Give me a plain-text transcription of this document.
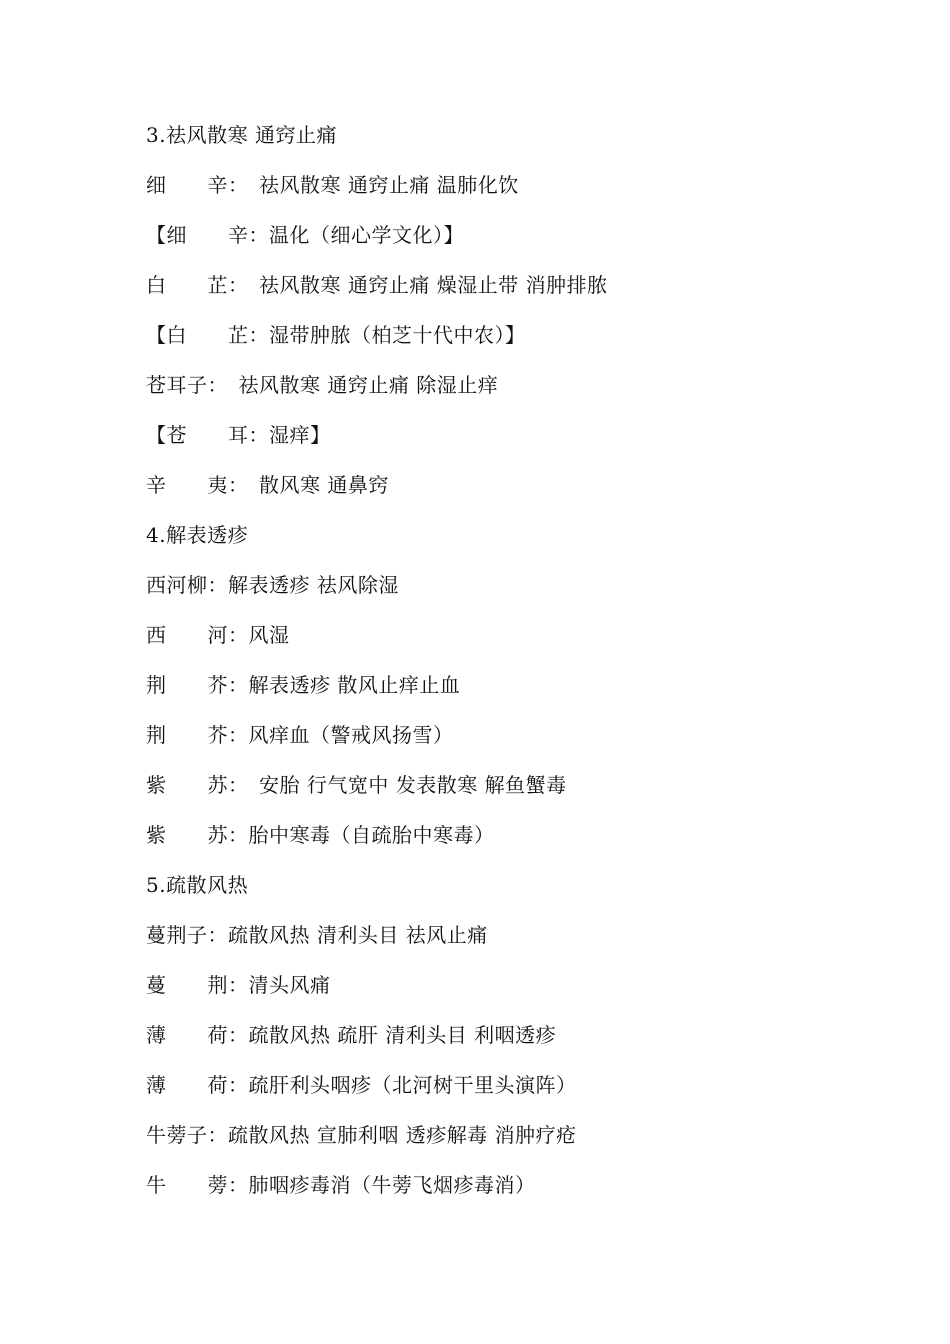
3.祛风散寒 通窍止痛
细　　辛：　祛风散寒 通窍止痛 温肺化饮
【细　　辛：温化（细心学文化）】
白　　芷：　祛风散寒 通窍止痛 燥湿止带 消肿排脓
【白　　芷：湿带肿脓（柏芝十代中农）】
苍耳子：　祛风散寒 通窍止痛 除湿止痒
【苍　　耳：湿痒】
辛　　夷：　散风寒 通鼻窍
4.解表透疹
西河柳：解表透疹 祛风除湿
西　　河：风湿
荆　　芥：解表透疹 散风止痒止血
荆　　芥：风痒血（警戒风扬雪）
紫　　苏：　安胎 行气宽中 发表散寒 解鱼蟹毒
紫　　苏：胎中寒毒（自疏胎中寒毒）
5.疏散风热
蔓荆子：疏散风热 清利头目 祛风止痛
蔓　　荆：清头风痛
薄　　荷：疏散风热 疏肝 清利头目 利咽透疹
薄　　荷：疏肝利头咽疹（北河树干里头演阵）
牛蒡子：疏散风热 宣肺利咽 透疹解毒 消肿疗疮
牛　　蒡：肺咽疹毒消（牛蒡飞烟疹毒消）
